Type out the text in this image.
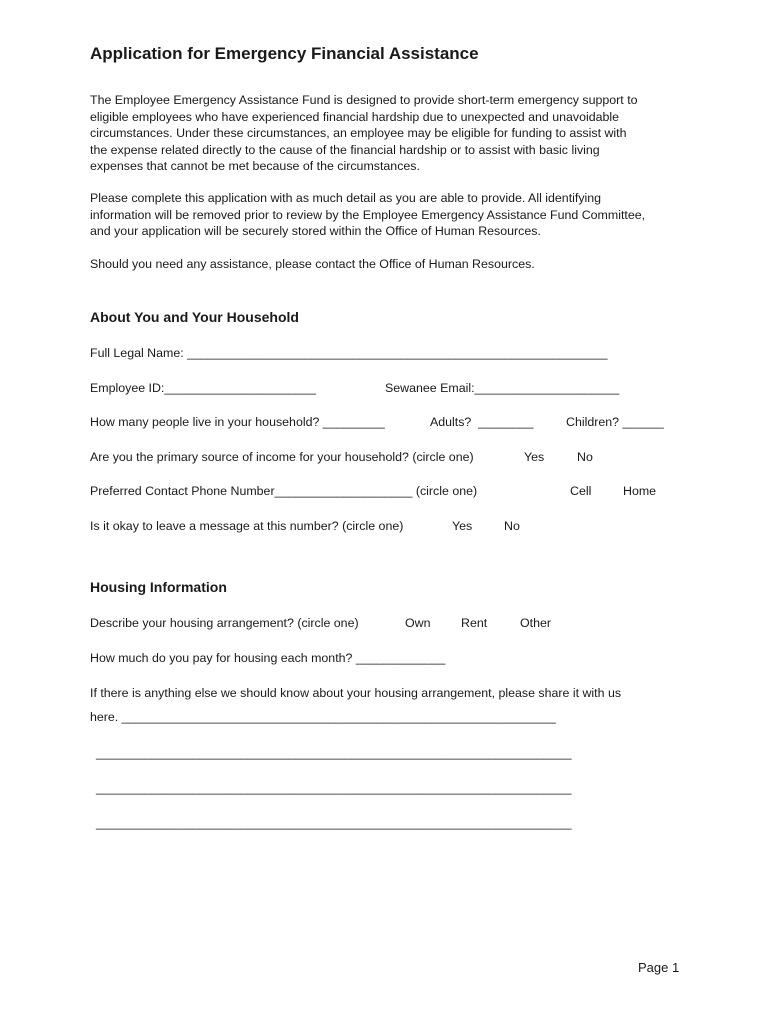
Application for Emergency Financial Assistance
The Employee Emergency Assistance Fund is designed to provide short-term emergency support to
eligible employees who have experienced financial hardship due to unexpected and unavoidable
circumstances. Under these circumstances, an employee may be eligible for funding to assist with
the expense related directly to the cause of the financial hardship or to assist with basic living
expenses that cannot be met because of the circumstances.
Please complete this application with as much detail as you are able to provide. All identifying
information will be removed prior to review by the Employee Emergency Assistance Fund Committee,
and your application will be securely stored within the Office of Human Resources.
Should you need any assistance, please contact the Office of Human Resources.
About You and Your Household
Full Legal Name: _____________________________________________________________
Employee ID:______________________	Sewanee Email:_____________________
How many people live in your household? _________	Adults?  ________	Children? ______
Are you the primary source of income for your household? (circle one)	Yes	No
Preferred Contact Phone Number____________________ (circle one)	Cell	Home
Is it okay to leave a message at this number? (circle one)	Yes	No
Housing Information
Describe your housing arrangement? (circle one)	Own Rent	Other
How much do you pay for housing each month? _____________
If there is anything else we should know about your housing arrangement, please share it with us
here. _______________________________________________________________
_____________________________________________________________________
_____________________________________________________________________
_____________________________________________________________________
Page 1
